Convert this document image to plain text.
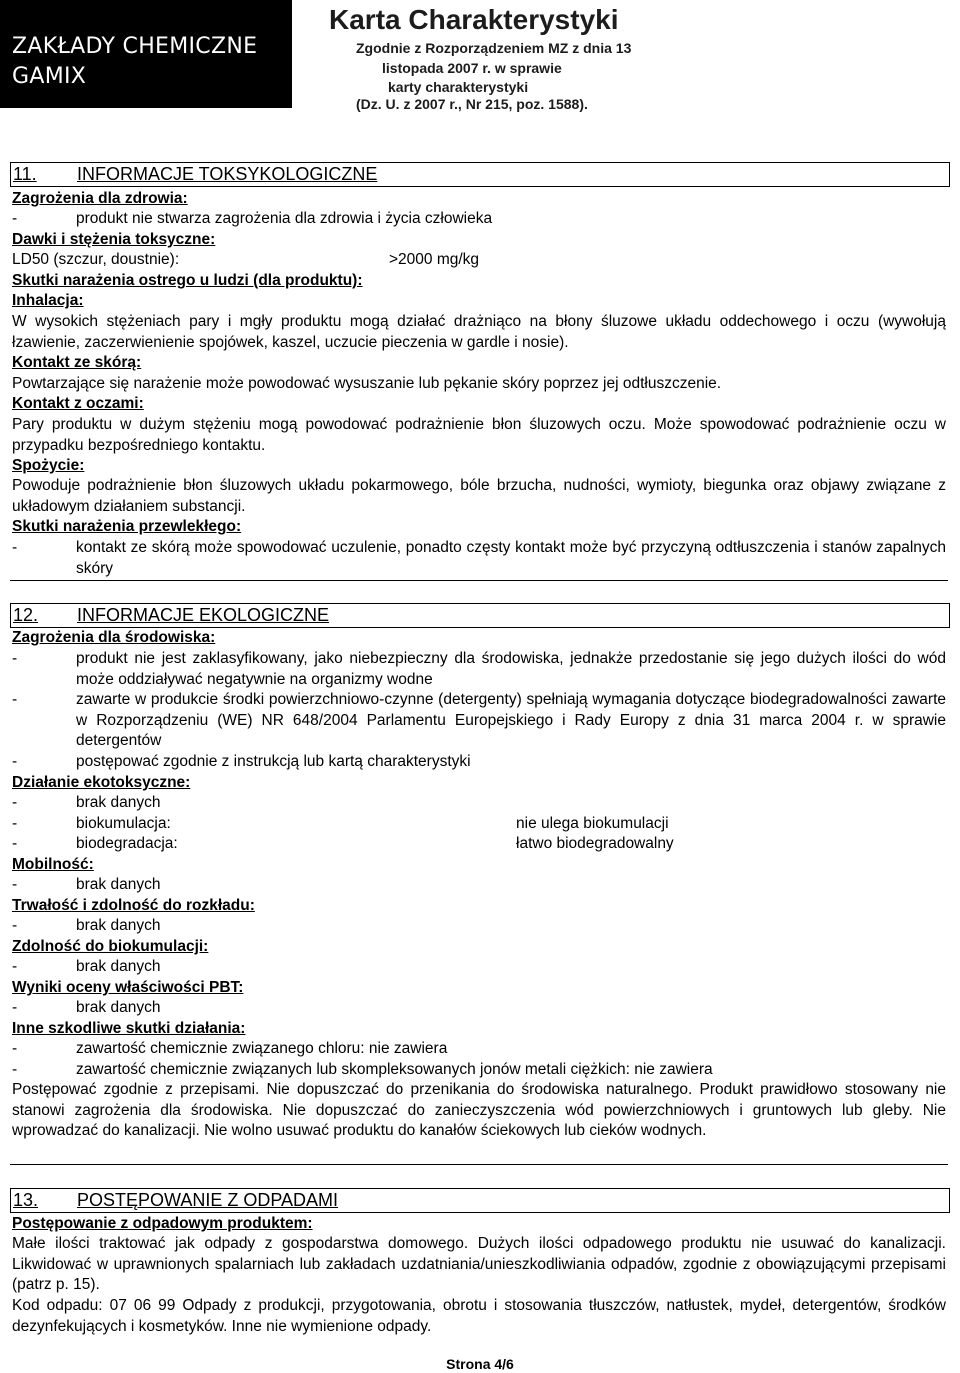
ZAKŁADY CHEMICZNE
GAMIX
Karta Charakterystyki
Zgodnie z Rozporządzeniem MZ z dnia 13
listopada 2007 r. w sprawie
karty charakterystyki
(Dz. U. z 2007 r., Nr 215, poz. 1588).
11. INFORMACJE TOKSYKOLOGICZNE
Zagrożenia dla zdrowia:
-	produkt nie stwarza zagrożenia dla zdrowia i życia człowieka
Dawki i stężenia toksyczne:
LD50 (szczur, doustnie):	>2000 mg/kg
Skutki narażenia ostrego u ludzi (dla produktu):
Inhalacja:
W wysokich stężeniach pary i mgły produktu mogą działać drażniąco na błony śluzowe układu oddechowego i oczu (wywołują łzawienie, zaczerwienienie spojówek, kaszel, uczucie pieczenia w gardle i nosie).
Kontakt ze skórą:
Powtarzające się narażenie może powodować wysuszanie lub pękanie skóry poprzez jej odtłuszczenie.
Kontakt z oczami:
Pary produktu w dużym stężeniu mogą powodować podrażnienie błon śluzowych oczu. Może spowodować podrażnienie oczu w przypadku bezpośredniego kontaktu.
Spożycie:
Powoduje podrażnienie błon śluzowych układu pokarmowego, bóle brzucha, nudności, wymioty, biegunka oraz objawy związane z układowym działaniem substancji.
Skutki narażenia przewlekłego:
-	kontakt ze skórą może spowodować uczulenie, ponadto częsty kontakt może być przyczyną odtłuszczenia i stanów zapalnych skóry
12. INFORMACJE EKOLOGICZNE
Zagrożenia dla środowiska:
-	produkt nie jest zaklasyfikowany, jako niebezpieczny dla środowiska, jednakże przedostanie się jego dużych ilości do wód może oddziaływać negatywnie na organizmy wodne
-	zawarte w produkcie środki powierzchniowo-czynne (detergenty) spełniają wymagania dotyczące biodegradowalności zawarte w Rozporządzeniu (WE) NR 648/2004 Parlamentu Europejskiego i Rady Europy z dnia 31 marca 2004 r. w sprawie detergentów
-	postępować zgodnie z instrukcją lub kartą charakterystyki
Działanie ekotoksyczne:
-	brak danych
-	biokumulacja:	nie ulega biokumulacji
-	biodegradacja:	łatwo biodegradowalny
Mobilność:
-	brak danych
Trwałość i zdolność do rozkładu:
-	brak danych
Zdolność do biokumulacji:
-	brak danych
Wyniki oceny właściwości PBT:
-	brak danych
Inne szkodliwe skutki działania:
-	zawartość chemicznie związanego chloru: nie zawiera
-	zawartość chemicznie związanych lub skompleksowanych jonów metali ciężkich: nie zawiera
Postępować zgodnie z przepisami. Nie dopuszczać do przenikania do środowiska naturalnego. Produkt prawidłowo stosowany nie stanowi zagrożenia dla środowiska. Nie dopuszczać do zanieczyszczenia wód powierzchniowych i gruntowych lub gleby. Nie wprowadzać do kanalizacji. Nie wolno usuwać produktu do kanałów ściekowych lub cieków wodnych.
13. POSTĘPOWANIE Z ODPADAMI
Postępowanie z odpadowym produktem:
Małe ilości traktować jak odpady z gospodarstwa domowego. Dużych ilości odpadowego produktu nie usuwać do kanalizacji. Likwidować w uprawnionych spalarniach lub zakładach uzdatniania/unieszkodliwiania odpadów, zgodnie z obowiązującymi przepisami (patrz p. 15).
Kod odpadu: 07 06 99 Odpady z produkcji, przygotowania, obrotu i stosowania tłuszczów, natłustek, mydeł, detergentów, środków dezynfekujących i kosmetyków. Inne nie wymienione odpady.
Strona 4/6
